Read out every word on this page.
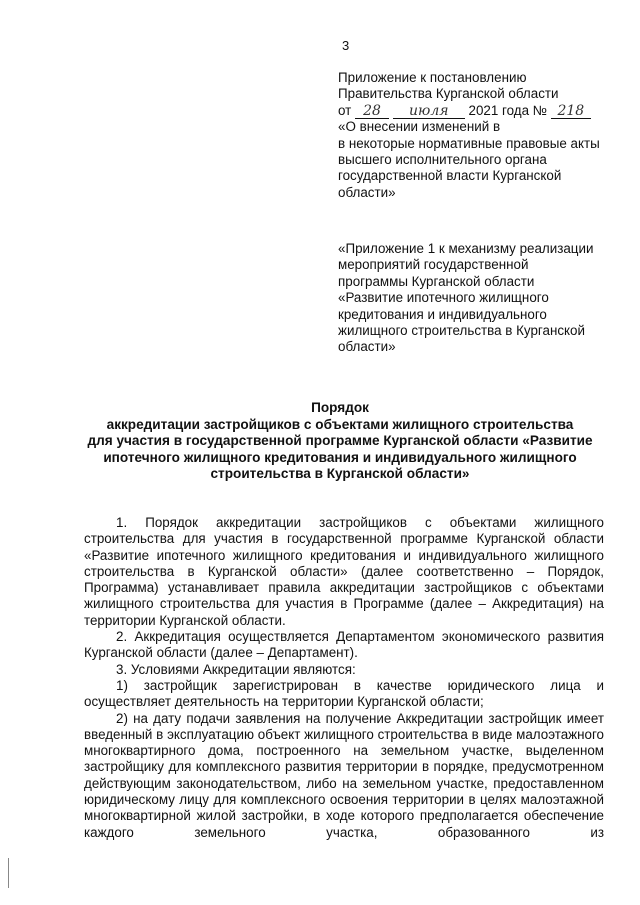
3
Приложение к постановлению
Правительства Курганской области
от 28 июля 2021 года № 218
«О внесении изменений в
в некоторые нормативные правовые акты
высшего исполнительного органа
государственной власти Курганской
области»
«Приложение 1 к механизму реализации
мероприятий государственной
программы Курганской области
«Развитие ипотечного жилищного
кредитования и индивидуального
жилищного строительства в Курганской
области»
Порядок
аккредитации застройщиков с объектами жилищного строительства
для участия в государственной программе Курганской области «Развитие
ипотечного жилищного кредитования и индивидуального жилищного
строительства в Курганской области»

1. Порядок аккредитации застройщиков с объектами жилищного строительства для участия в государственной программе Курганской области «Развитие ипотечного жилищного кредитования и индивидуального жилищного строительства в Курганской области» (далее соответственно – Порядок, Программа) устанавливает правила аккредитации застройщиков с объектами жилищного строительства для участия в Программе (далее – Аккредитация) на территории Курганской области.

2. Аккредитация осуществляется Департаментом экономического развития Курганской области (далее – Департамент).

3. Условиями Аккредитации являются:

1) застройщик зарегистрирован в качестве юридического лица и осуществляет деятельность на территории Курганской области;

2) на дату подачи заявления на получение Аккредитации застройщик имеет введенный в эксплуатацию объект жилищного строительства в виде малоэтажного многоквартирного дома, построенного на земельном участке, выделенном застройщику для комплексного развития территории в порядке, предусмотренном действующим законодательством, либо на земельном участке, предоставленном юридическому лицу для комплексного освоения территории в целях малоэтажной многоквартирной жилой застройки, в ходе которого предполагается обеспечение каждого земельного участка, образованного из
